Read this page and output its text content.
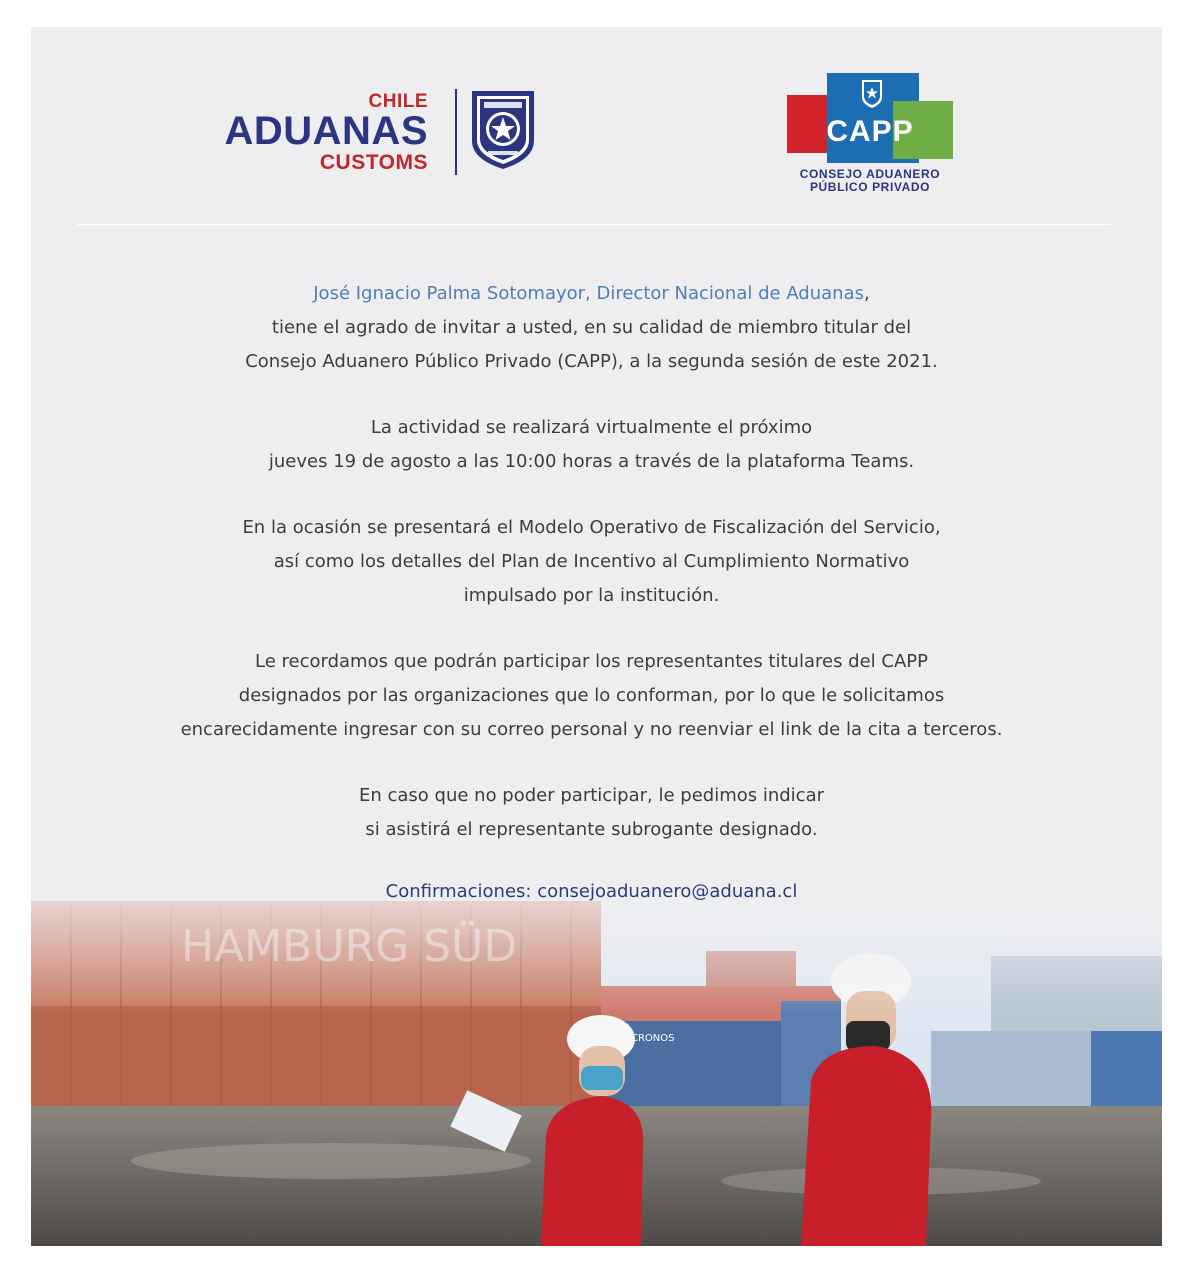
CHILE
ADUANAS
CUSTOMS
CAPP
CONSEJO ADUANERO
PÚBLICO PRIVADO

José Ignacio Palma Sotomayor, Director Nacional de Aduanas,

tiene el agrado de invitar a usted, en su calidad de miembro titular del

Consejo Aduanero Público Privado (CAPP), a la segunda sesión de este 2021.

La actividad se realizará virtualmente el próximo

jueves 19 de agosto a las 10:00 horas a través de la plataforma Teams.

En la ocasión se presentará el Modelo Operativo de Fiscalización del Servicio,

así como los detalles del Plan de Incentivo al Cumplimiento Normativo

impulsado por la institución.

Le recordamos que podrán participar los representantes titulares del CAPP

designados por las organizaciones que lo conforman, por lo que le solicitamos

encarecidamente ingresar con su correo personal y no reenviar el link de la cita a terceros.

En caso que no poder participar, le pedimos indicar

si asistirá el representante subrogante designado.

Confirmaciones: consejoaduanero@aduana.cl
